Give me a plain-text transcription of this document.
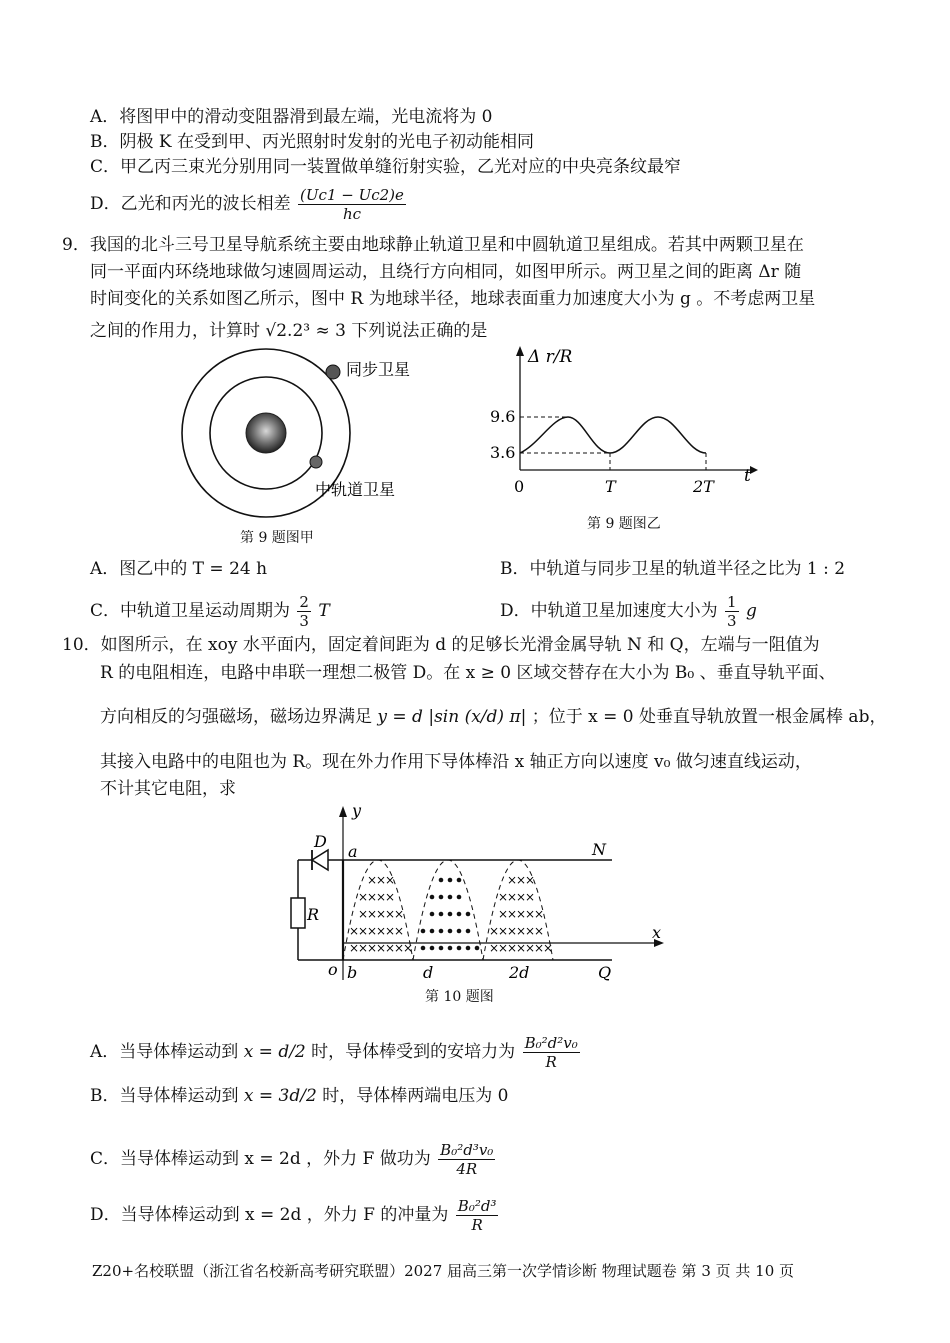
A．将图甲中的滑动变阻器滑到最左端，光电流将为 0
B．阴极 K 在受到甲、丙光照射时发射的光电子初动能相同
C．甲乙丙三束光分别用同一装置做单缝衍射实验，乙光对应的中央亮条纹最窄
D．乙光和丙光的波长相差 $\frac{(Uc1 - Uc2)e}{hc}$
9．我国的北斗三号卫星导航系统主要由地球静止轨道卫星和中圆轨道卫星组成。若其中两颗卫星在
同一平面内环绕地球做匀速圆周运动，且绕行方向相同，如图甲所示。两卫星之间的距离 Δr 随
时间变化的关系如图乙所示，图中 R 为地球半径，地球表面重力加速度大小为 g 。不考虑两卫星
之间的作用力，计算时 √2.2³ ≈ 3 下列说法正确的是
同步卫星
中轨道卫星
第 9 题图甲
Δ r/R
t
9.6
3.6
0	T	2T
第 9 题图乙
A．图乙中的 T = 24 h	B．中轨道与同步卫星的轨道半径之比为 1 : 2
C．中轨道卫星运动周期为 $\frac{2}{3}$ T	D．中轨道卫星加速度大小为 $\frac{1}{3}$ g
10．如图所示，在 xoy 水平面内，固定着间距为 d 的足够长光滑金属导轨 N 和 Q，左端与一阻值为
R 的电阻相连，电路中串联一理想二极管 D。在 x ≥ 0 区域交替存在大小为 B₀ 、垂直导轨平面、
方向相反的匀强磁场，磁场边界满足 y = d |sin (x/d) π| ；位于 x = 0 处垂直导轨放置一根金属棒 ab，
其接入电路中的电阻也为 R。现在外力作用下导体棒沿 x 轴正方向以速度 v₀ 做匀速直线运动，
不计其它电阻，求
×
×
×
×
×
×
×
×
×
×
×
×
×
×
×
×
×
×
×
×
×
×
×
×
×
×
×
×
×
×
×
×
×
×
×
×
×
×
×
×
×
×
×
×
×
×
×
×
×
×
y
x
D
a	N
R
o b	d	2d	Q
第 10 题图
A．当导体棒运动到 x = d/2 时，导体棒受到的安培力为 $\frac{\text{B₀²d²v₀}}{R}$
B．当导体棒运动到 x = 3d/2 时，导体棒两端电压为 0
C．当导体棒运动到 x = 2d ，外力 F 做功为 $\frac{\text{B₀²d³v₀}}{4R}$
D．当导体棒运动到 x = 2d ，外力 F 的冲量为 $\frac{\text{B₀²d³}}{R}$
Z20+名校联盟（浙江省名校新高考研究联盟）2027 届高三第一次学情诊断 物理试题卷 第 3 页 共 10 页
